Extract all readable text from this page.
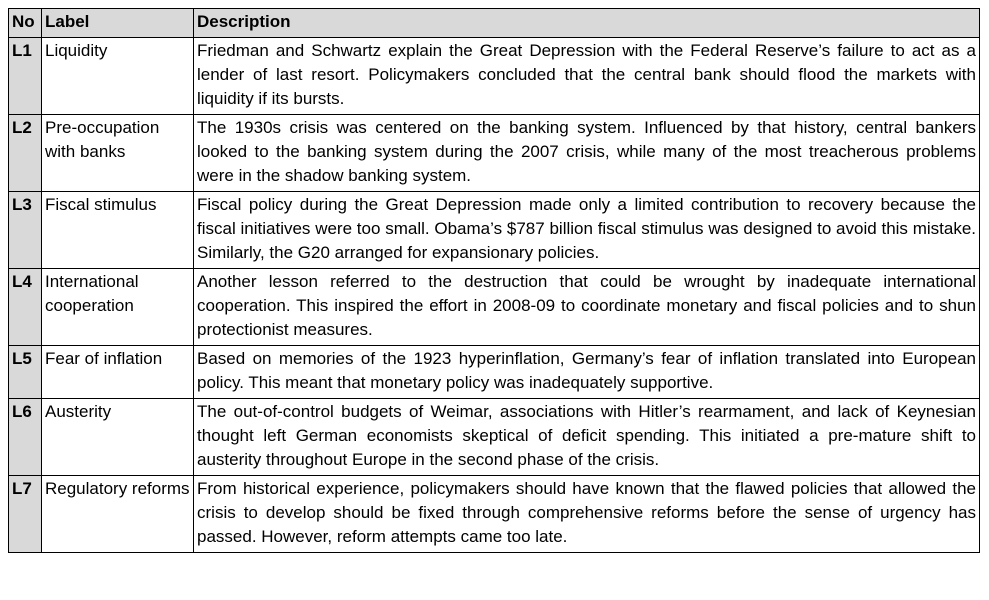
No	Label	Description
L1	Liquidity	Friedman and Schwartz explain the Great Depression with the Federal Reserve’s failure to act as a lender of last resort. Policymakers concluded that the central bank should flood the markets with liquidity if its bursts.
L2	Pre-occupation with banks	The 1930s crisis was centered on the banking system. Influenced by that history, central bankers looked to the banking system during the 2007 crisis, while many of the most treacherous problems were in the shadow banking system.
L3	Fiscal stimulus	Fiscal policy during the Great Depression made only a limited contribution to recovery because the fiscal initiatives were too small. Obama’s $787 billion fiscal stimulus was designed to avoid this mistake. Similarly, the G20 arranged for expansionary policies.
L4	International cooperation	Another lesson referred to the destruction that could be wrought by inadequate international cooperation. This inspired the effort in 2008-09 to coordinate monetary and fiscal policies and to shun protectionist measures.
L5	Fear of inflation	Based on memories of the 1923 hyperinflation, Germany’s fear of inflation translated into European policy. This meant that monetary policy was inadequately supportive.
L6	Austerity	The out-of-control budgets of Weimar, associations with Hitler’s rearmament, and lack of Keynesian thought left German economists skeptical of deficit spending. This initiated a pre-mature shift to austerity throughout Europe in the second phase of the crisis.
L7	Regulatory reforms	From historical experience, policymakers should have known that the flawed policies that allowed the crisis to develop should be fixed through comprehensive reforms before the sense of urgency has passed. However, reform attempts came too late.
